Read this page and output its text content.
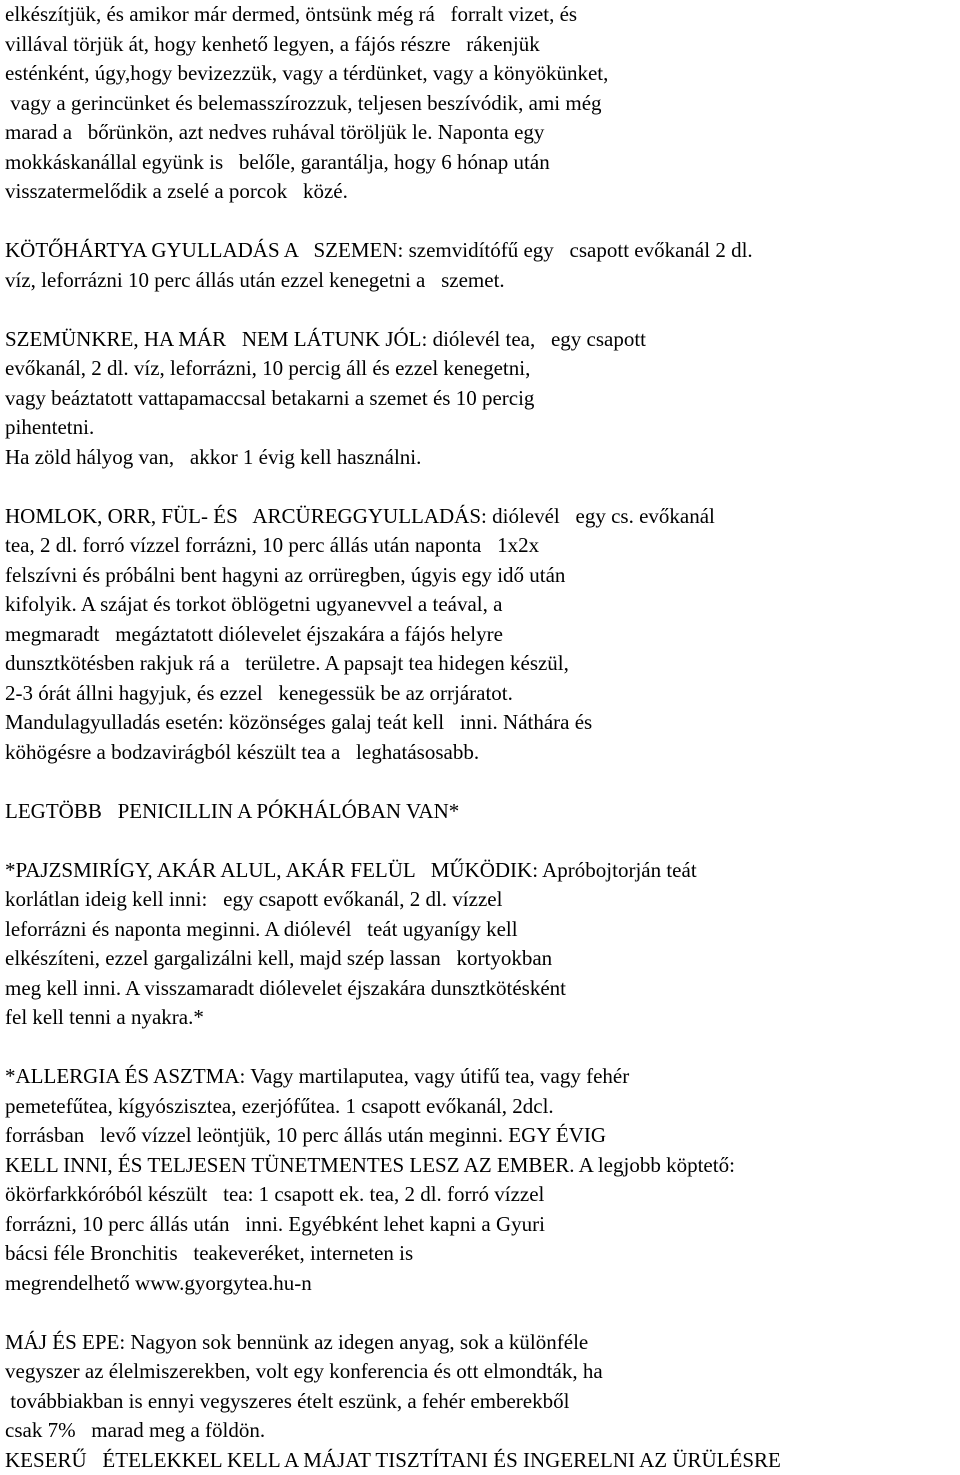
elkészítjük, és amikor már dermed, öntsünk még rá   forralt vizet, és
villával törjük át, hogy kenhető legyen, a fájós részre   rákenjük
esténként, úgy,hogy bevizezzük, vagy a térdünket, vagy a könyökünket,
vagy a gerincünket és belemasszírozzuk, teljesen beszívódik, ami még
marad a   bőrünkön, azt nedves ruhával töröljük le. Naponta egy
mokkáskanállal együnk is   belőle, garantálja, hogy 6 hónap után
visszatermelődik a zselé a porcok   közé.
KÖTŐHÁRTYA GYULLADÁS A   SZEMEN: szemvidítófű egy   csapott evőkanál 2 dl.
víz, leforrázni 10 perc állás után ezzel kenegetni a   szemet.
SZEMÜNKRE, HA MÁR   NEM LÁTUNK JÓL: diólevél tea,   egy csapott
evőkanál, 2 dl. víz, leforrázni, 10 percig áll és ezzel kenegetni,
vagy beáztatott vattapamaccsal betakarni a szemet és 10 percig
pihentetni.
Ha zöld hályog van,   akkor 1 évig kell használni.
HOMLOK, ORR, FÜL- ÉS   ARCÜREGGYULLADÁS: diólevél   egy cs. evőkanál
tea, 2 dl. forró vízzel forrázni, 10 perc állás után naponta   1x2x
felszívni és próbálni bent hagyni az orrüregben, úgyis egy idő után
kifolyik. A szájat és torkot öblögetni ugyanevvel a teával, a
megmaradt   megáztatott diólevelet éjszakára a fájós helyre
dunsztkötésben rakjuk rá a   területre. A papsajt tea hidegen készül,
2-3 órát állni hagyjuk, és ezzel   kenegessük be az orrjáratot.
Mandulagyulladás esetén: közönséges galaj teát kell   inni. Náthára és
köhögésre a bodzavirágból készült tea a   leghatásosabb.
LEGTÖBB   PENICILLIN A PÓKHÁLÓBAN VAN*
*PAJZSMIRÍGY, AKÁR ALUL, AKÁR FELÜL   MŰKÖDIK: Apróbojtorján teát
korlátlan ideig kell inni:   egy csapott evőkanál, 2 dl. vízzel
leforrázni és naponta meginni. A diólevél   teát ugyanígy kell
elkészíteni, ezzel gargalizálni kell, majd szép lassan   kortyokban
meg kell inni. A visszamaradt diólevelet éjszakára dunsztkötésként
fel kell tenni a nyakra.*
*ALLERGIA ÉS ASZTMA: Vagy martilaputea, vagy útifű tea, vagy fehér
pemetefűtea, kígyószisztea, ezerjófűtea. 1 csapott evőkanál, 2dcl.
forrásban   levő vízzel leöntjük, 10 perc állás után meginni. EGY ÉVIG
KELL INNI, ÉS TELJESEN TÜNETMENTES LESZ AZ EMBER. A legjobb köptető:
ökörfarkkóróból készült   tea: 1 csapott ek. tea, 2 dl. forró vízzel
forrázni, 10 perc állás után   inni. Egyébként lehet kapni a Gyuri
bácsi féle Bronchitis   teakeveréket, interneten is
megrendelhető www.gyorgytea.hu-n
MÁJ ÉS EPE: Nagyon sok bennünk az idegen anyag, sok a különféle
vegyszer az élelmiszerekben, volt egy konferencia és ott elmondták, ha
továbbiakban is ennyi vegyszeres ételt eszünk, a fehér emberekből
csak 7%   marad meg a földön.
KESERŰ   ÉTELEKKEL KELL A MÁJAT TISZTÍTANI ÉS INGERELNI AZ ÜRÜLÉSRE
